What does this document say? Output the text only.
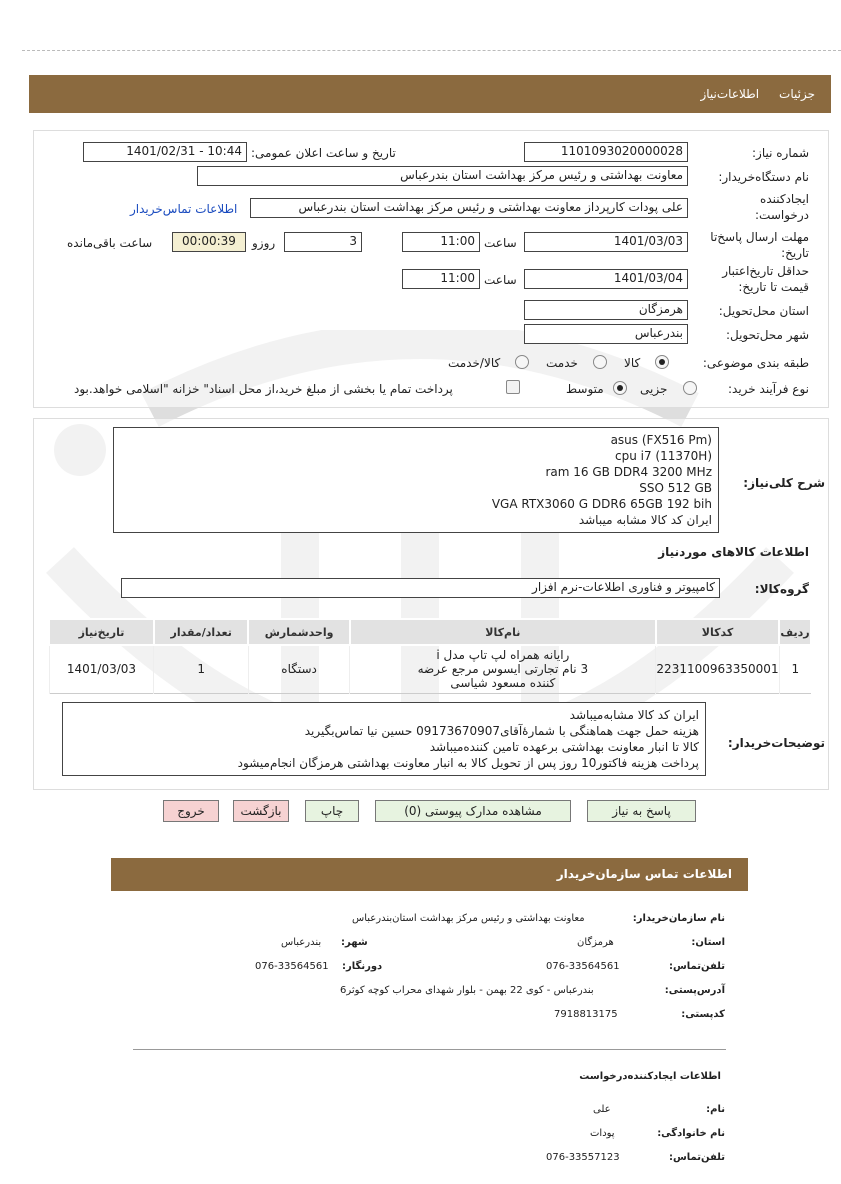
جزئیات
اطلاعات‌نیاز
شماره نیاز:
1101093020000028
تاریخ و ساعت اعلان عمومی:
1401/02/31 - 10:44
نام دستگاه‌خریدار:
معاونت بهداشتی و رئیس مرکز بهداشت استان بندرعباس
ایجادکننده
درخواست:
علی پودات کارپرداز معاونت بهداشتی و رئیس مرکز بهداشت استان بندرعباس
اطلاعات تماس‌خریدار
مهلت ارسال پاسخ‌تا
تاریخ:
1401/03/03
ساعت
11:00
3
روزو
00:00:39
ساعت باقی‌مانده
حداقل تاریخ‌اعتبار
قیمت تا تاریخ:
1401/03/04
ساعت
11:00
استان محل‌تحویل:
هرمزگان
شهر محل‌تحویل:
بندرعباس
طبقه بندی موضوعی:
کالا
خدمت
کالا/خدمت
نوع فرآیند خرید:
جزیی
متوسط
پرداخت تمام یا بخشی از مبلغ خرید،از محل اسناد" خزانه "اسلامی خواهد.بود
شرح کلی‌نیاز:
asus (FX516 Pm)
cpu i7 (11370H)
ram 16 GB DDR4 3200 MHz
SSO 512 GB
VGA RTX3060 G DDR6 65GB 192 bih
ایران کد کالا مشابه میباشد
اطلاعات کالاهای موردنیاز
گروه‌کالا:
کامپیوتر و فناوری اطلاعات-نرم افزار
ردیف	کدکالا	نام‌کالا	واحدشمارش	تعداد/مقدار	تاریخ‌نیاز
1	2231100963350001	رایانه همراه لپ تاپ مدل i
3 نام تجارتی ایسوس مرجع عرضه
کننده مسعود شیاسی	دستگاه	1	1401/03/03
توضیحات‌خریدار:
ایران کد کالا مشابه‌میباشد
هزینه حمل جهت هماهنگی با شمارۀآقای09173670907 حسین نیا تماس‌بگیرید
کالا تا انبار معاونت بهداشتی برعهده تامین کننده‌میباشد
پرداخت هزینه فاکتور10 روز پس از تحویل کالا به انبار معاونت بهداشتی هرمزگان انجام‌میشود
پاسخ به نیاز
مشاهده مدارک پیوستی (0)
چاپ
بازگشت
خروج
اطلاعات تماس سازمان‌خریدار
نام سازمان‌خریدار:
معاونت بهداشتی و رئیس مرکز بهداشت استان‌بندرعباس
استان:
هرمزگان
شهر:
بندرعباس
تلفن‌تماس:
076-33564561
دورنگار:
076-33564561
آدرس‌پستی:
بندرعباس - کوی 22 بهمن - بلوار شهدای محراب کوچه کوثر6
کدپستی:
7918813175
اطلاعات ایجاد‌کننده‌درخواست
نام:
علی
نام خانوادگی:
پودات
تلفن‌تماس:
076-33557123
